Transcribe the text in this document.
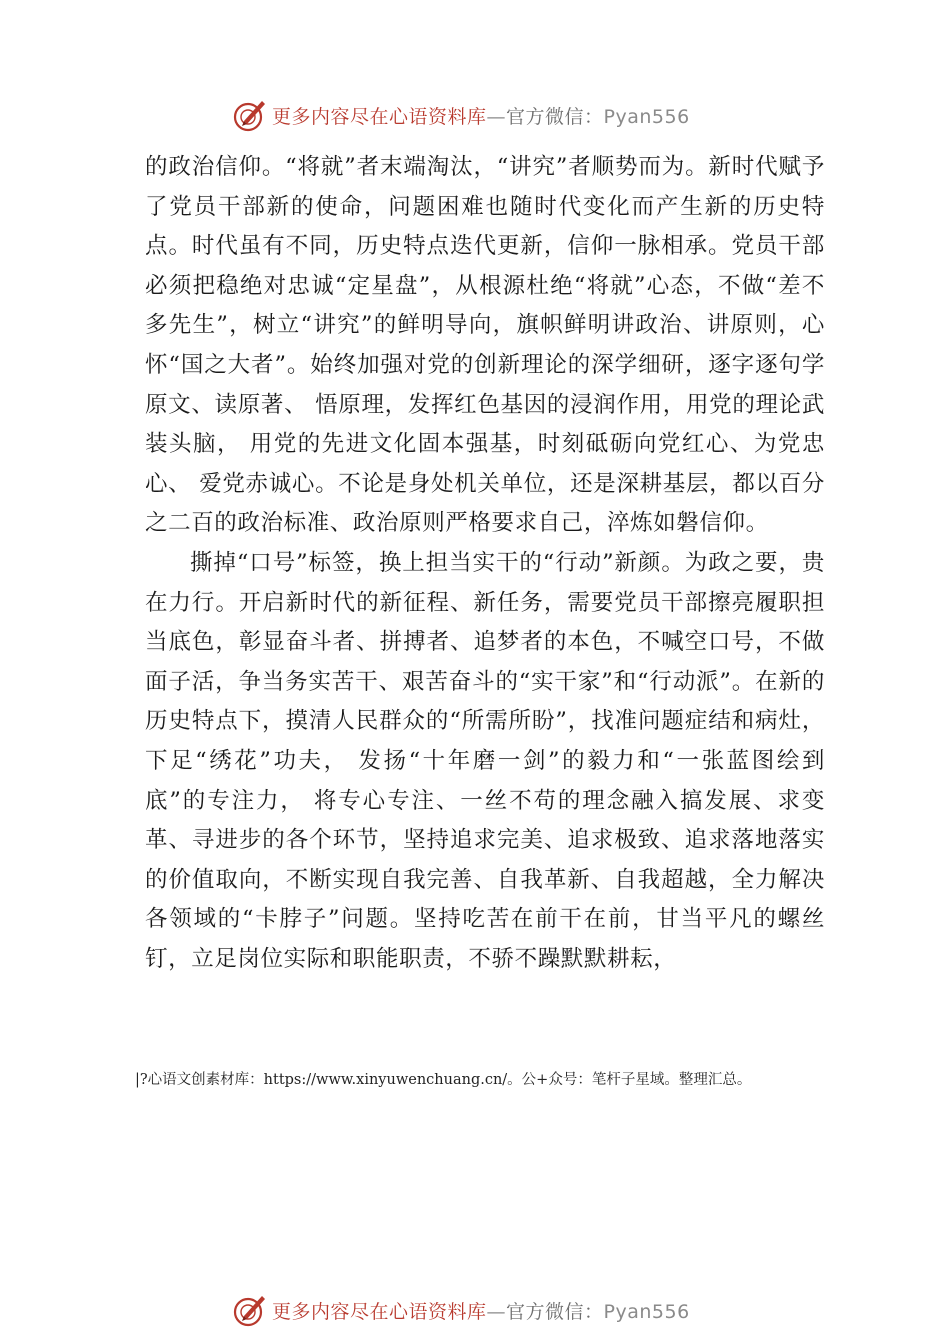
更多内容尽在心语资料库—官方微信：Pyan556

的政治信仰。“将就”者末端淘汰，“讲究”者顺势而为。新时代赋予了党员干部新的使命，问题困难也随时代变化而产生新的历史特点。时代虽有不同，历史特点迭代更新，信仰一脉相承。党员干部必须把稳绝对忠诚“定星盘”，从根源杜绝“将就”心态，不做“差不多先生”，树立“讲究”的鲜明导向，旗帜鲜明讲政治、讲原则，心怀“国之大者”。始终加强对党的创新理论的深学细研，逐字逐句学原文、读原著、 悟原理，发挥红色基因的浸润作用，用党的理论武装头脑， 用党的先进文化固本强基，时刻砥砺向党红心、为党忠心、 爱党赤诚心。不论是身处机关单位，还是深耕基层，都以百分之二百的政治标准、政治原则严格要求自己，淬炼如磐信仰。

撕掉“口号”标签，换上担当实干的“行动”新颜。为政之要，贵在力行。开启新时代的新征程、新任务，需要党员干部擦亮履职担当底色，彰显奋斗者、拼搏者、追梦者的本色，不喊空口号，不做面子活，争当务实苦干、艰苦奋斗的“实干家”和“行动派”。在新的历史特点下，摸清人民群众的“所需所盼”，找准问题症结和病灶，下足“绣花”功夫， 发扬“十年磨一剑”的毅力和“一张蓝图绘到底”的专注力， 将专心专注、一丝不苟的理念融入搞发展、求变革、寻进步的各个环节，坚持追求完美、追求极致、追求落地落实的价值取向，不断实现自我完善、自我革新、自我超越，全力解决各领域的“卡脖子”问题。坚持吃苦在前干在前，甘当平凡的螺丝钉，立足岗位实际和职能职责，不骄不躁默默耕耘，

|?心语文创素材库：https://www.xinyuwenchuang.cn/。公+众号：笔杆子星域。整理汇总。
更多内容尽在心语资料库—官方微信：Pyan556
